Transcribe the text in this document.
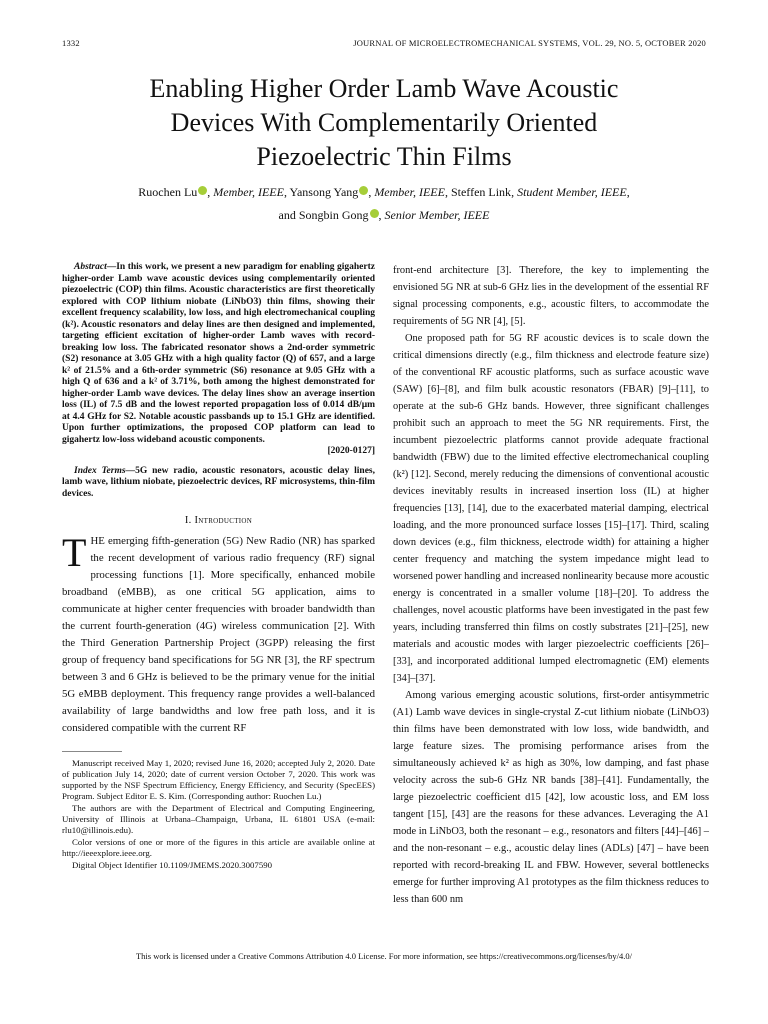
1332	JOURNAL OF MICROELECTROMECHANICAL SYSTEMS, VOL. 29, NO. 5, OCTOBER 2020
Enabling Higher Order Lamb Wave Acoustic
Devices With Complementarily Oriented
Piezoelectric Thin Films
Ruochen Lu , Member, IEEE, Yansong Yang , Member, IEEE, Steffen Link, Student Member, IEEE,
and Songbin Gong , Senior Member, IEEE

Abstract—In this work, we present a new paradigm for enabling gigahertz higher-order Lamb wave acoustic devices using complementarily oriented piezoelectric (COP) thin films. Acoustic characteristics are first theoretically explored with COP lithium niobate (LiNbO3) thin films, showing their excellent frequency scalability, low loss, and high electromechanical coupling (k²). Acoustic resonators and delay lines are then designed and implemented, targeting efficient excitation of higher-order Lamb waves with record-breaking low loss. The fabricated resonator shows a 2nd-order symmetric (S2) resonance at 3.05 GHz with a high quality factor (Q) of 657, and a large k² of 21.5% and a 6th-order symmetric (S6) resonance at 9.05 GHz with a high Q of 636 and a k² of 3.71%, both among the highest demonstrated for higher-order Lamb wave devices. The delay lines show an average insertion loss (IL) of 7.5 dB and the lowest reported propagation loss of 0.014 dB/μm at 4.4 GHz for S2. Notable acoustic passbands up to 15.1 GHz are identified. Upon further optimizations, the proposed COP platform can lead to gigahertz low-loss wideband acoustic components.
[2020-0127]

Index Terms—5G new radio, acoustic resonators, acoustic delay lines, lamb wave, lithium niobate, piezoelectric devices, RF microsystems, thin-film devices.

I. Introduction

THE emerging fifth-generation (5G) New Radio (NR) has sparked the recent development of various radio frequency (RF) signal processing functions [1]. More specifically, enhanced mobile broadband (eMBB), as one critical 5G application, aims to communicate at higher center frequencies with broader bandwidth than the current fourth-generation (4G) wireless communication [2]. With the Third Generation Partnership Project (3GPP) releasing the first group of frequency band specifications for 5G NR [3], the RF spectrum between 3 and 6 GHz is believed to be the primary venue for the initial 5G eMBB deployment. This frequency range provides a well-balanced availability of large bandwidths and low free path loss, and it is considered compatible with the current RF

Manuscript received May 1, 2020; revised June 16, 2020; accepted July 2, 2020. Date of publication July 14, 2020; date of current version October 7, 2020. This work was supported by the NSF Spectrum Efficiency, Energy Efficiency, and Security (SpecEES) Program. Subject Editor E. S. Kim. (Corresponding author: Ruochen Lu.)

The authors are with the Department of Electrical and Computing Engineering, University of Illinois at Urbana–Champaign, Urbana, IL 61801 USA (e-mail: rlu10@illinois.edu).

Color versions of one or more of the figures in this article are available online at http://ieeexplore.ieee.org.

Digital Object Identifier 10.1109/JMEMS.2020.3007590

front-end architecture [3]. Therefore, the key to implementing the envisioned 5G NR at sub-6 GHz lies in the development of the essential RF signal processing components, e.g., acoustic filters, to accommodate the requirements of 5G NR [4], [5].

One proposed path for 5G RF acoustic devices is to scale down the critical dimensions directly (e.g., film thickness and electrode feature size) of the conventional RF acoustic platforms, such as surface acoustic wave (SAW) [6]–[8], and film bulk acoustic resonators (FBAR) [9]–[11], to operate at the sub-6 GHz bands. However, three significant challenges prohibit such an approach to meet the 5G NR requirements. First, the incumbent piezoelectric platforms cannot provide adequate fractional bandwidth (FBW) due to the limited effective electromechanical coupling (k²) [12]. Second, merely reducing the dimensions of conventional acoustic devices inevitably results in increased insertion loss (IL) at higher frequencies [13], [14], due to the exacerbated material damping, electrical loading, and the more pronounced surface losses [15]–[17]. Third, scaling down devices (e.g., film thickness, electrode width) for attaining a higher center frequency and matching the system impedance might lead to worsened power handling and increased nonlinearity because more acoustic energy is concentrated in a smaller volume [18]–[20]. To address the challenges, novel acoustic platforms have been investigated in the past few years, including transferred thin films on costly substrates [21]–[25], new materials and acoustic modes with larger piezoelectric coefficients [26]–[33], and incorporated additional lumped electromagnetic (EM) elements [34]–[37].

Among various emerging acoustic solutions, first-order antisymmetric (A1) Lamb wave devices in single-crystal Z-cut lithium niobate (LiNbO3) thin films have been demonstrated with low loss, wide bandwidth, and large feature sizes. The promising performance arises from the simultaneously achieved k² as high as 30%, low damping, and fast phase velocity across the sub-6 GHz NR bands [38]–[41]. Fundamentally, the large piezoelectric coefficient d15 [42], low acoustic loss, and EM loss tangent [15], [43] are the reasons for these advances. Leveraging the A1 mode in LiNbO3, both the resonant – e.g., resonators and filters [44]–[46] – and the non-resonant – e.g., acoustic delay lines (ADLs) [47] – have been reported with record-breaking IL and FBW. However, several bottlenecks emerge for further improving A1 prototypes as the film thickness reduces to less than 600 nm

This work is licensed under a Creative Commons Attribution 4.0 License. For more information, see https://creativecommons.org/licenses/by/4.0/
